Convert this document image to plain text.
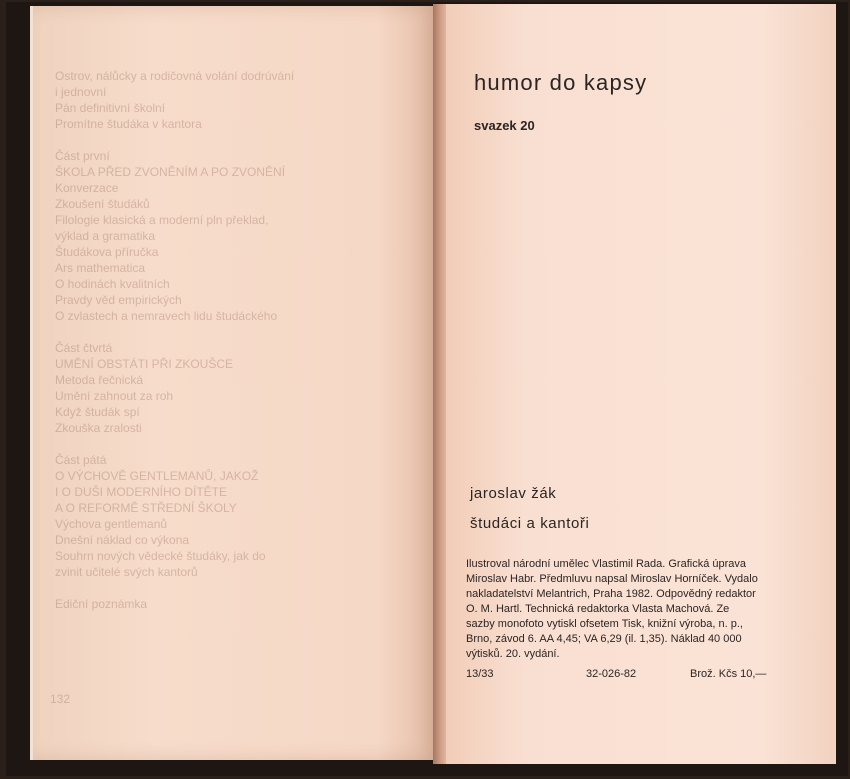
Ostrov, nálůcky a rodičovná volání dodrúvání
i jednovní
Pán definitivní školní
Promítne študáka v kantora
Část první
ŠKOLA PŘED ZVONĚNÍM A PO ZVONĚNÍ
Konverzace
Zkoušení študáků
Filologie klasická a moderní pln překlad,
výklad a gramatika
Študákova příručka
Ars mathematica
O hodinách kvalitních
Pravdy věd empirických
O zvlastech a nemravech lidu študáckého
Část čtvrtá
UMĚNÍ OBSTÁTI PŘI ZKOUŠCE
Metoda řečnická
Umění zahnout za roh
Když študák spí
Zkouška zralosti
Část pátá
O VÝCHOVĚ GENTLEMANŮ, JAKOŽ
I O DUŠI MODERNÍHO DÍTĚTE
A O REFORMĚ STŘEDNÍ ŠKOLY
Výchova gentlemanů
Dnešní náklad co výkona
Souhrn nových vědecké študáky, jak do
zvinit učitelé svých kantorů
Ediční poznámka
132
humor do kapsy
svazek 20
jaroslav žák
študáci a kantoři
Ilustroval národní umělec Vlastimil Rada. Grafická úprava
Miroslav Habr. Předmluvu napsal Miroslav Horníček. Vydalo
nakladatelství Melantrich, Praha 1982. Odpovědný redaktor
O. M. Hartl. Technická redaktorka Vlasta Machová. Ze
sazby monofoto vytiskl ofsetem Tisk, knižní výroba, n. p.,
Brno, závod 6. AA 4,45; VA 6,29 (il. 1,35). Náklad 40 000
výtisků. 20. vydání.
13/33	32-026-82	Brož. Kčs 10,—
